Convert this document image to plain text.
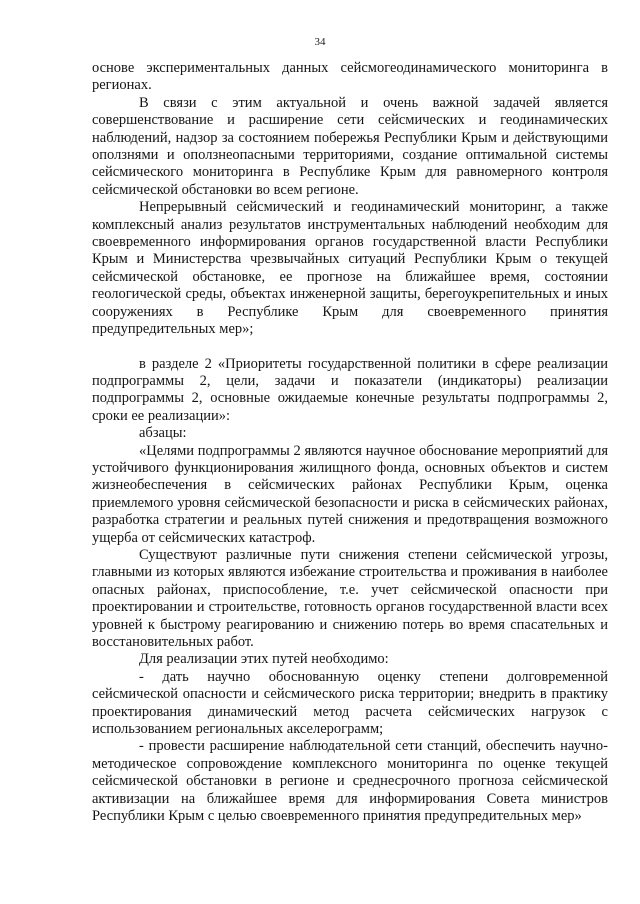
34

основе экспериментальных данных сейсмогеодинамического мониторинга в регионах.

В связи с этим актуальной и очень важной задачей является совершенствование и расширение сети сейсмических и геодинамических наблюдений, надзор за состоянием побережья Республики Крым и действующими оползнями и оползнеопасными территориями, создание оптимальной системы сейсмического мониторинга в Республике Крым для равномерного контроля сейсмической обстановки во всем регионе.

Непрерывный сейсмический и геодинамический мониторинг, а также комплексный анализ результатов инструментальных наблюдений необходим для своевременного информирования органов государственной власти Республики Крым и Министерства чрезвычайных ситуаций Республики Крым о текущей сейсмической обстановке, ее прогнозе на ближайшее время, состоянии геологической среды, объектах инженерной защиты, берегоукрепительных и иных сооружениях в Республике Крым для своевременного принятия предупредительных мер»;

в разделе 2 «Приоритеты государственной политики в сфере реализации подпрограммы 2, цели, задачи и показатели (индикаторы) реализации подпрограммы 2, основные ожидаемые конечные результаты подпрограммы 2, сроки ее реализации»:

абзацы:

«Целями подпрограммы 2 являются научное обоснование мероприятий для устойчивого функционирования жилищного фонда, основных объектов и систем жизнеобеспечения в сейсмических районах Республики Крым, оценка приемлемого уровня сейсмической безопасности и риска в сейсмических районах, разработка стратегии и реальных путей снижения и предотвращения возможного ущерба от сейсмических катастроф.

Существуют различные пути снижения степени сейсмической угрозы, главными из которых являются избежание строительства и проживания в наиболее опасных районах, приспособление, т.е. учет сейсмической опасности при проектировании и строительстве, готовность органов государственной власти всех уровней к быстрому реагированию и снижению потерь во время спасательных и восстановительных работ.

Для реализации этих путей необходимо:

- дать научно обоснованную оценку степени долговременной сейсмической опасности и сейсмического риска территории; внедрить в практику проектирования динамический метод расчета сейсмических нагрузок с использованием региональных акселерограмм;

- провести расширение наблюдательной сети станций, обеспечить научно-методическое сопровождение комплексного мониторинга по оценке текущей сейсмической обстановки в регионе и среднесрочного прогноза сейсмической активизации на ближайшее время для информирования Совета министров Республики Крым с целью своевременного принятия предупредительных мер»
